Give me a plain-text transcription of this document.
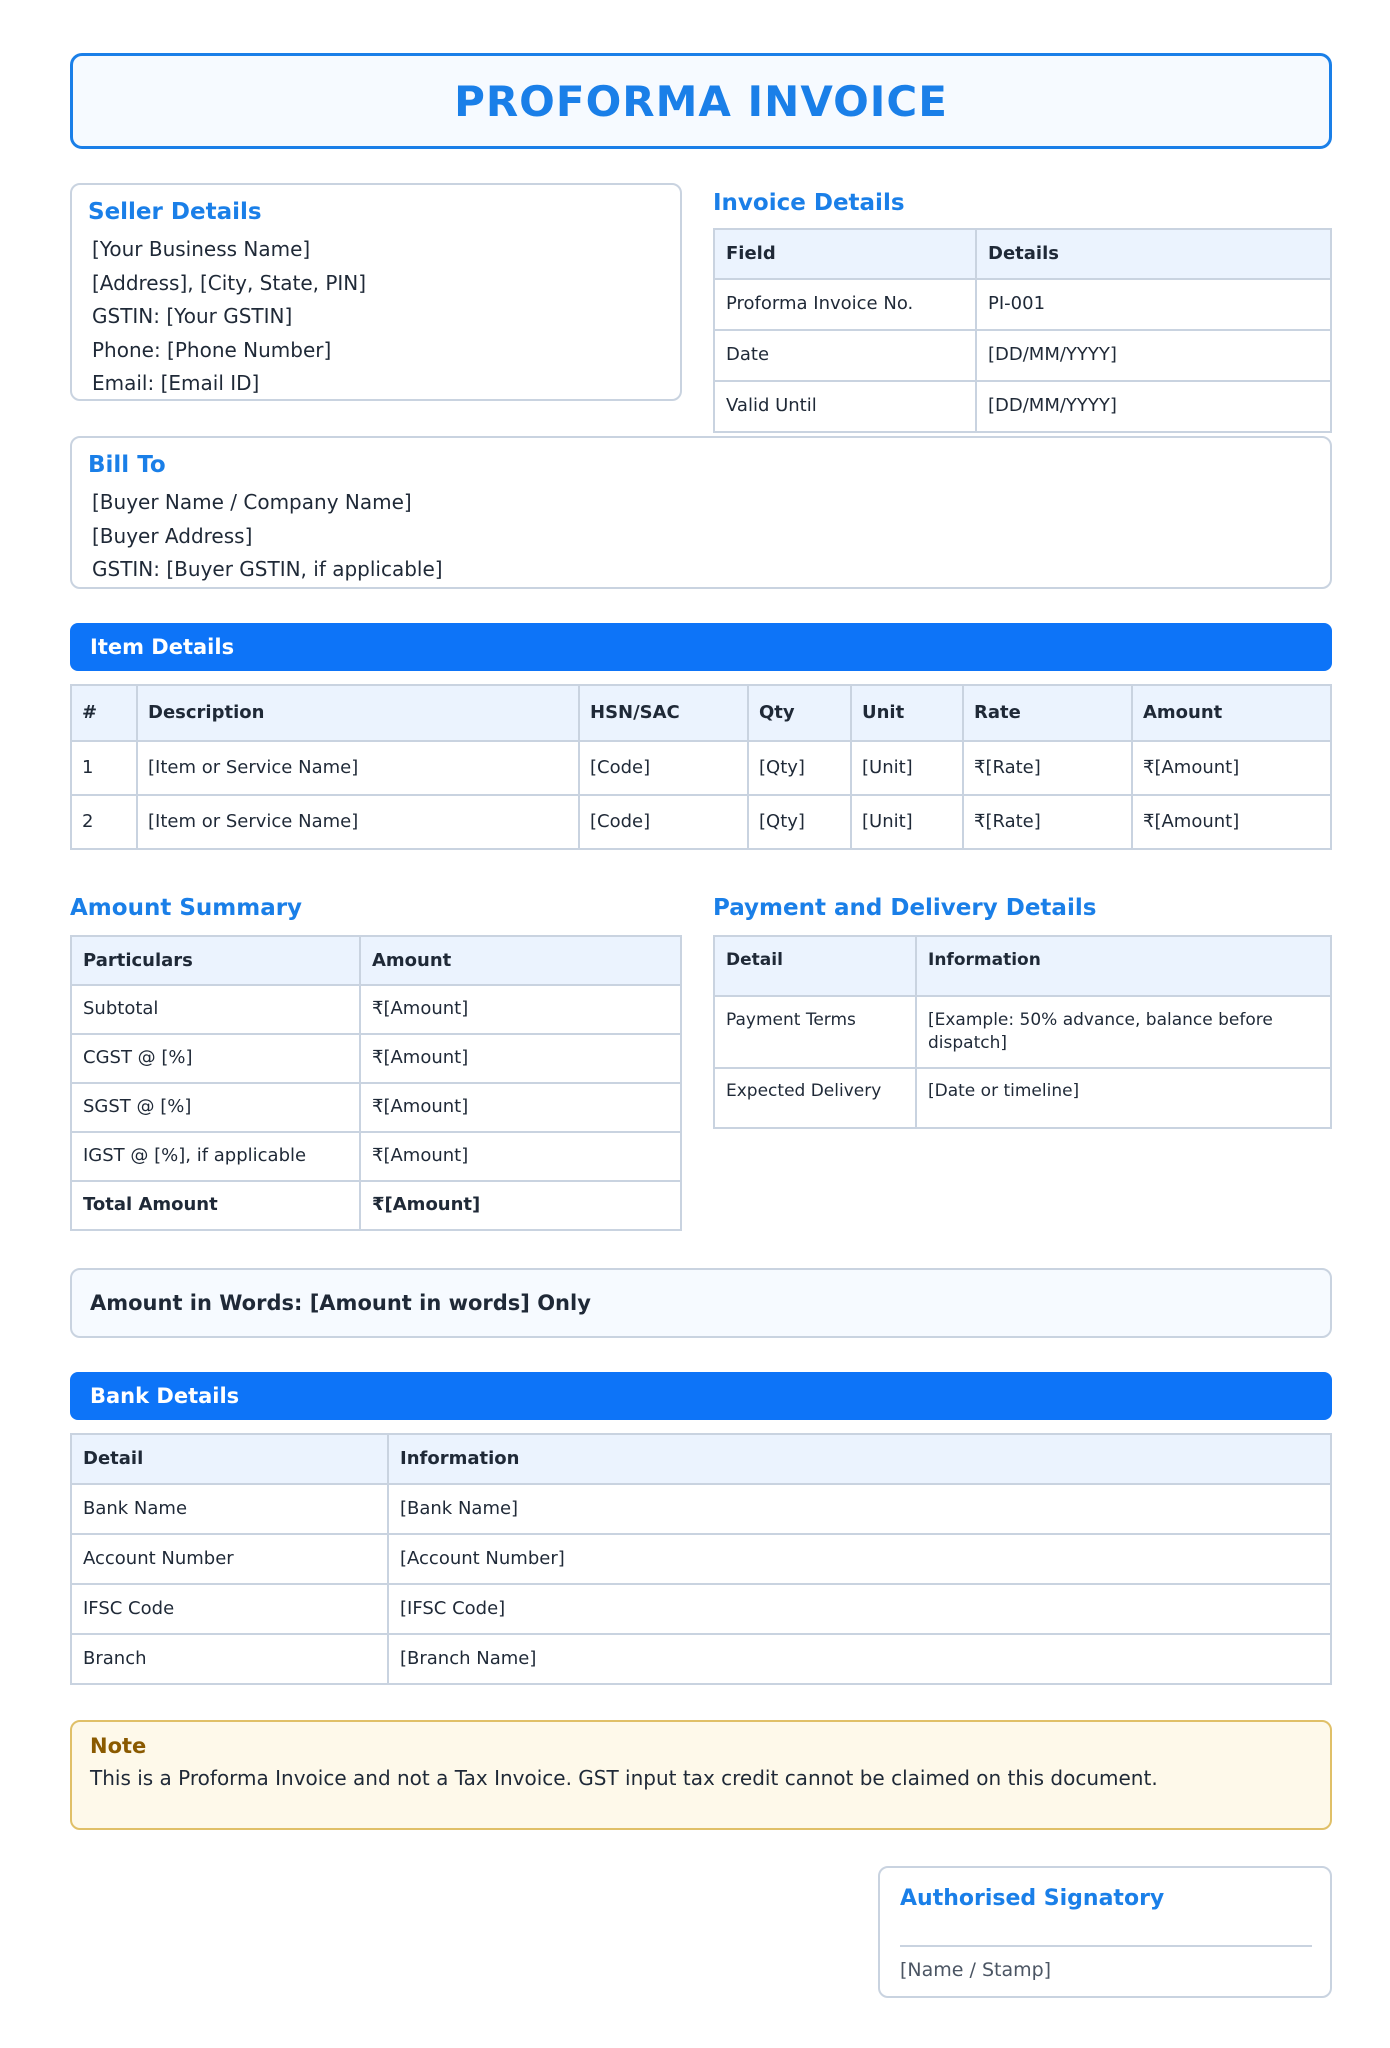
PROFORMA INVOICE
Seller Details
[Your Business Name]
[Address], [City, State, PIN]
GSTIN: [Your GSTIN]
Phone: [Phone Number]
Email: [Email ID]
Invoice Details
Field	Details
Proforma Invoice No.	PI-001
Date	[DD/MM/YYYY]
Valid Until	[DD/MM/YYYY]
Bill To
[Buyer Name / Company Name]
[Buyer Address]
GSTIN: [Buyer GSTIN, if applicable]
Item Details
#	Description	HSN/SAC	Qty	Unit	Rate	Amount
1	[Item or Service Name]	[Code]	[Qty]	[Unit]	₹[Rate]	₹[Amount]
2	[Item or Service Name]	[Code]	[Qty]	[Unit]	₹[Rate]	₹[Amount]
Amount Summary
Particulars	Amount
Subtotal	₹[Amount]
CGST @ [%]	₹[Amount]
SGST @ [%]	₹[Amount]
IGST @ [%], if applicable	₹[Amount]
Total Amount	₹[Amount]
Payment and Delivery Details
Detail	Information
Payment Terms	[Example: 50% advance, balance before dispatch]
Expected Delivery	[Date or timeline]
Amount in Words: [Amount in words] Only
Bank Details
Detail	Information
Bank Name	[Bank Name]
Account Number	[Account Number]
IFSC Code	[IFSC Code]
Branch	[Branch Name]
Note
This is a Proforma Invoice and not a Tax Invoice. GST input tax credit cannot be claimed on this document.
Authorised Signatory
[Name / Stamp]
